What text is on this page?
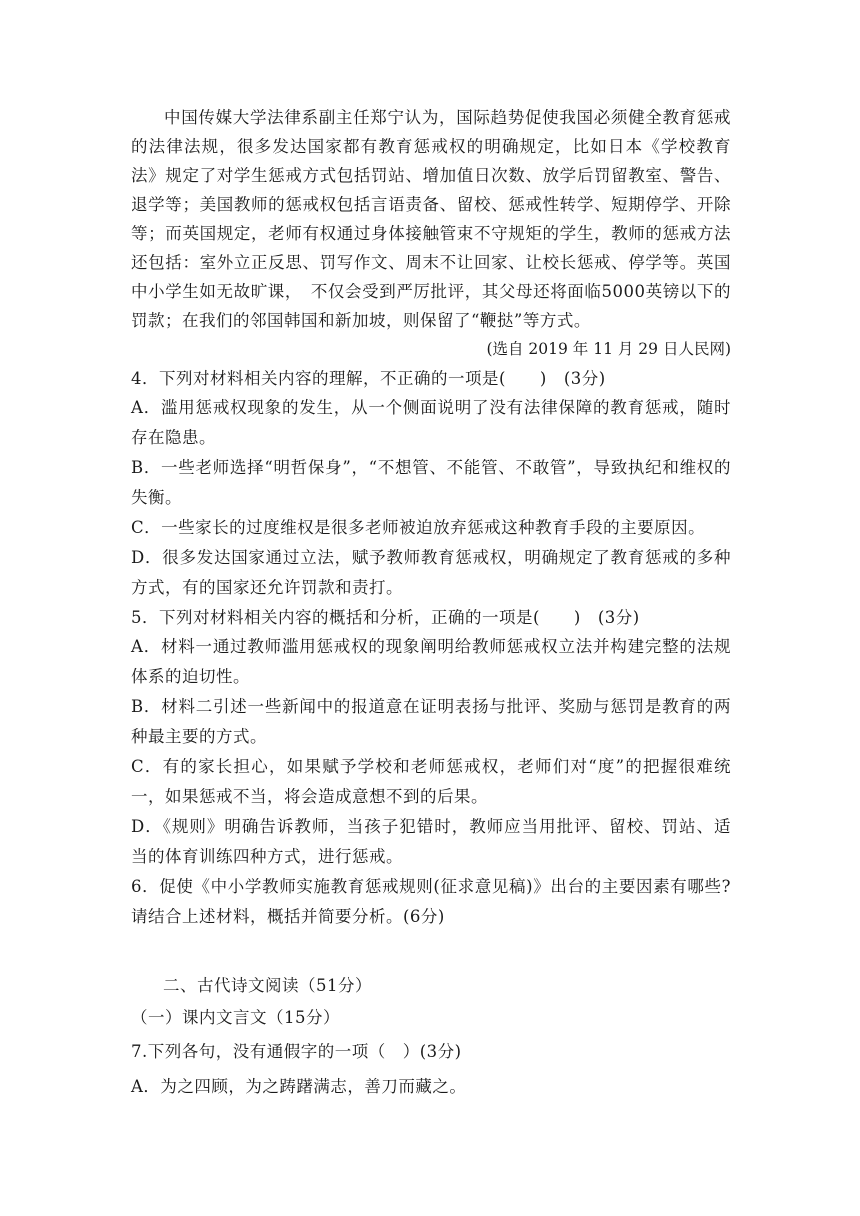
中国传媒大学法律系副主任郑宁认为，国际趋势促使我国必须健全教育惩戒的法律法规，很多发达国家都有教育惩戒权的明确规定，比如日本《学校教育法》规定了对学生惩戒方式包括罚站、增加值日次数、放学后罚留教室、警告、退学等；美国教师的惩戒权包括言语责备、留校、惩戒性转学、短期停学、开除等；而英国规定，老师有权通过身体接触管束不守规矩的学生，教师的惩戒方法还包括：室外立正反思、罚写作文、周末不让回家、让校长惩戒、停学等。英国中小学生如无故旷课，　不仅会受到严厉批评，其父母还将面临5000英镑以下的罚款；在我们的邻国韩国和新加坡，则保留了“鞭挞”等方式。

(选自 2019 年 11 月 29 日人民网)

4．下列对材料相关内容的理解，不正确的一项是(　　)　(3分)

A．滥用惩戒权现象的发生，从一个侧面说明了没有法律保障的教育惩戒，随时存在隐患。

B．一些老师选择“明哲保身”，“不想管、不能管、不敢管”，导致执纪和维权的失衡。

C．一些家长的过度维权是很多老师被迫放弃惩戒这种教育手段的主要原因。

D．很多发达国家通过立法，赋予教师教育惩戒权，明确规定了教育惩戒的多种方式，有的国家还允许罚款和责打。

5．下列对材料相关内容的概括和分析，正确的一项是(　　)　(3分)

A．材料一通过教师滥用惩戒权的现象阐明给教师惩戒权立法并构建完整的法规体系的迫切性。

B．材料二引述一些新闻中的报道意在证明表扬与批评、奖励与惩罚是教育的两种最主要的方式。

C．有的家长担心，如果赋予学校和老师惩戒权，老师们对“度”的把握很难统一，如果惩戒不当，将会造成意想不到的后果。

D．《规则》明确告诉教师，当孩子犯错时，教师应当用批评、留校、罚站、适当的体育训练四种方式，进行惩戒。

6．促使《中小学教师实施教育惩戒规则(征求意见稿)》出台的主要因素有哪些?请结合上述材料，概括并简要分析。(6分)

二、古代诗文阅读（51分）

（一）课内文言文（15分）

7.下列各句，没有通假字的一项（　）(3分)

A．为之四顾，为之踌躇满志，善刀而藏之。
